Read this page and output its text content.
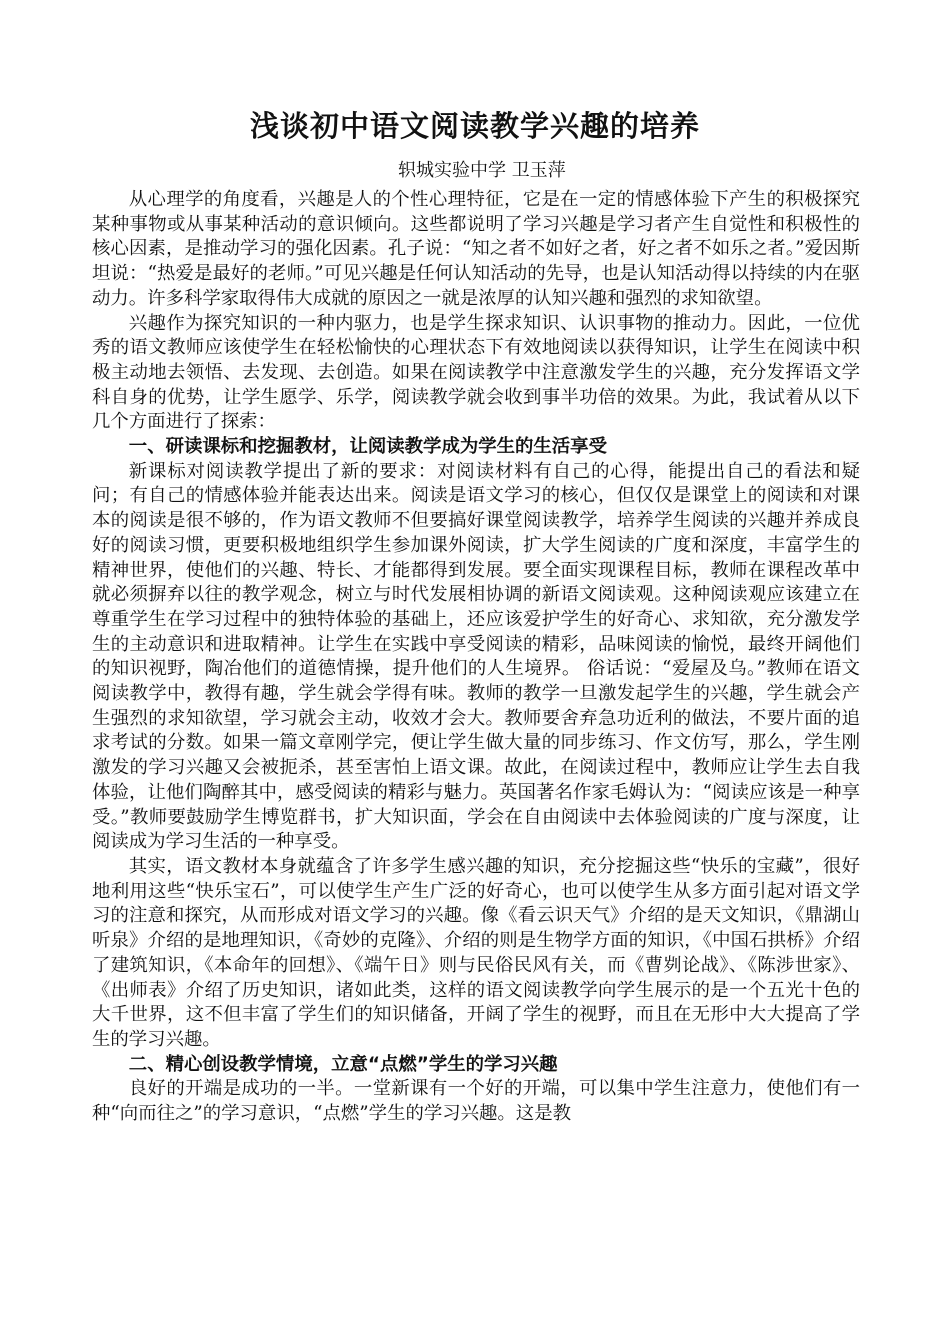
浅谈初中语文阅读教学兴趣的培养

轵城实验中学 卫玉萍

从心理学的角度看，兴趣是人的个性心理特征，它是在一定的情感体验下产生的积极探究某种事物或从事某种活动的意识倾向。这些都说明了学习兴趣是学习者产生自觉性和积极性的核心因素，是推动学习的强化因素。孔子说：“知之者不如好之者，好之者不如乐之者。”爱因斯坦说：“热爱是最好的老师。”可见兴趣是任何认知活动的先导，也是认知活动得以持续的内在驱动力。许多科学家取得伟大成就的原因之一就是浓厚的认知兴趣和强烈的求知欲望。

兴趣作为探究知识的一种内驱力，也是学生探求知识、认识事物的推动力。因此，一位优秀的语文教师应该使学生在轻松愉快的心理状态下有效地阅读以获得知识，让学生在阅读中积极主动地去领悟、去发现、去创造。如果在阅读教学中注意激发学生的兴趣，充分发挥语文学科自身的优势，让学生愿学、乐学，阅读教学就会收到事半功倍的效果。为此，我试着从以下几个方面进行了探索：

一、研读课标和挖掘教材，让阅读教学成为学生的生活享受

新课标对阅读教学提出了新的要求：对阅读材料有自己的心得，能提出自己的看法和疑问；有自己的情感体验并能表达出来。阅读是语文学习的核心，但仅仅是课堂上的阅读和对课本的阅读是很不够的，作为语文教师不但要搞好课堂阅读教学，培养学生阅读的兴趣并养成良好的阅读习惯，更要积极地组织学生参加课外阅读，扩大学生阅读的广度和深度，丰富学生的精神世界，使他们的兴趣、特长、才能都得到发展。要全面实现课程目标，教师在课程改革中就必须摒弃以往的教学观念，树立与时代发展相协调的新语文阅读观。这种阅读观应该建立在尊重学生在学习过程中的独特体验的基础上，还应该爱护学生的好奇心、求知欲，充分激发学生的主动意识和进取精神。让学生在实践中享受阅读的精彩，品味阅读的愉悦，最终开阔他们的知识视野，陶冶他们的道德情操，提升他们的人生境界。 俗话说：“爱屋及乌。”教师在语文阅读教学中，教得有趣，学生就会学得有味。教师的教学一旦激发起学生的兴趣，学生就会产生强烈的求知欲望，学习就会主动，收效才会大。教师要舍弃急功近利的做法，不要片面的追求考试的分数。如果一篇文章刚学完，便让学生做大量的同步练习、作文仿写，那么，学生刚激发的学习兴趣又会被扼杀，甚至害怕上语文课。故此，在阅读过程中，教师应让学生去自我体验，让他们陶醉其中，感受阅读的精彩与魅力。英国著名作家毛姆认为：“阅读应该是一种享受。”教师要鼓励学生博览群书，扩大知识面，学会在自由阅读中去体验阅读的广度与深度，让阅读成为学习生活的一种享受。

其实，语文教材本身就蕴含了许多学生感兴趣的知识，充分挖掘这些“快乐的宝藏”，很好地利用这些“快乐宝石”，可以使学生产生广泛的好奇心，也可以使学生从多方面引起对语文学习的注意和探究，从而形成对语文学习的兴趣。像《看云识天气》介绍的是天文知识，《鼎湖山听泉》介绍的是地理知识，《奇妙的克隆》、介绍的则是生物学方面的知识，《中国石拱桥》介绍了建筑知识，《本命年的回想》、《端午日》则与民俗民风有关，而《曹刿论战》、《陈涉世家》、《出师表》介绍了历史知识，诸如此类，这样的语文阅读教学向学生展示的是一个五光十色的大千世界，这不但丰富了学生们的知识储备，开阔了学生的视野，而且在无形中大大提高了学生的学习兴趣。

二、精心创设教学情境，立意“点燃”学生的学习兴趣

良好的开端是成功的一半。一堂新课有一个好的开端，可以集中学生注意力，使他们有一种“向而往之”的学习意识，“点燃”学生的学习兴趣。这是教
